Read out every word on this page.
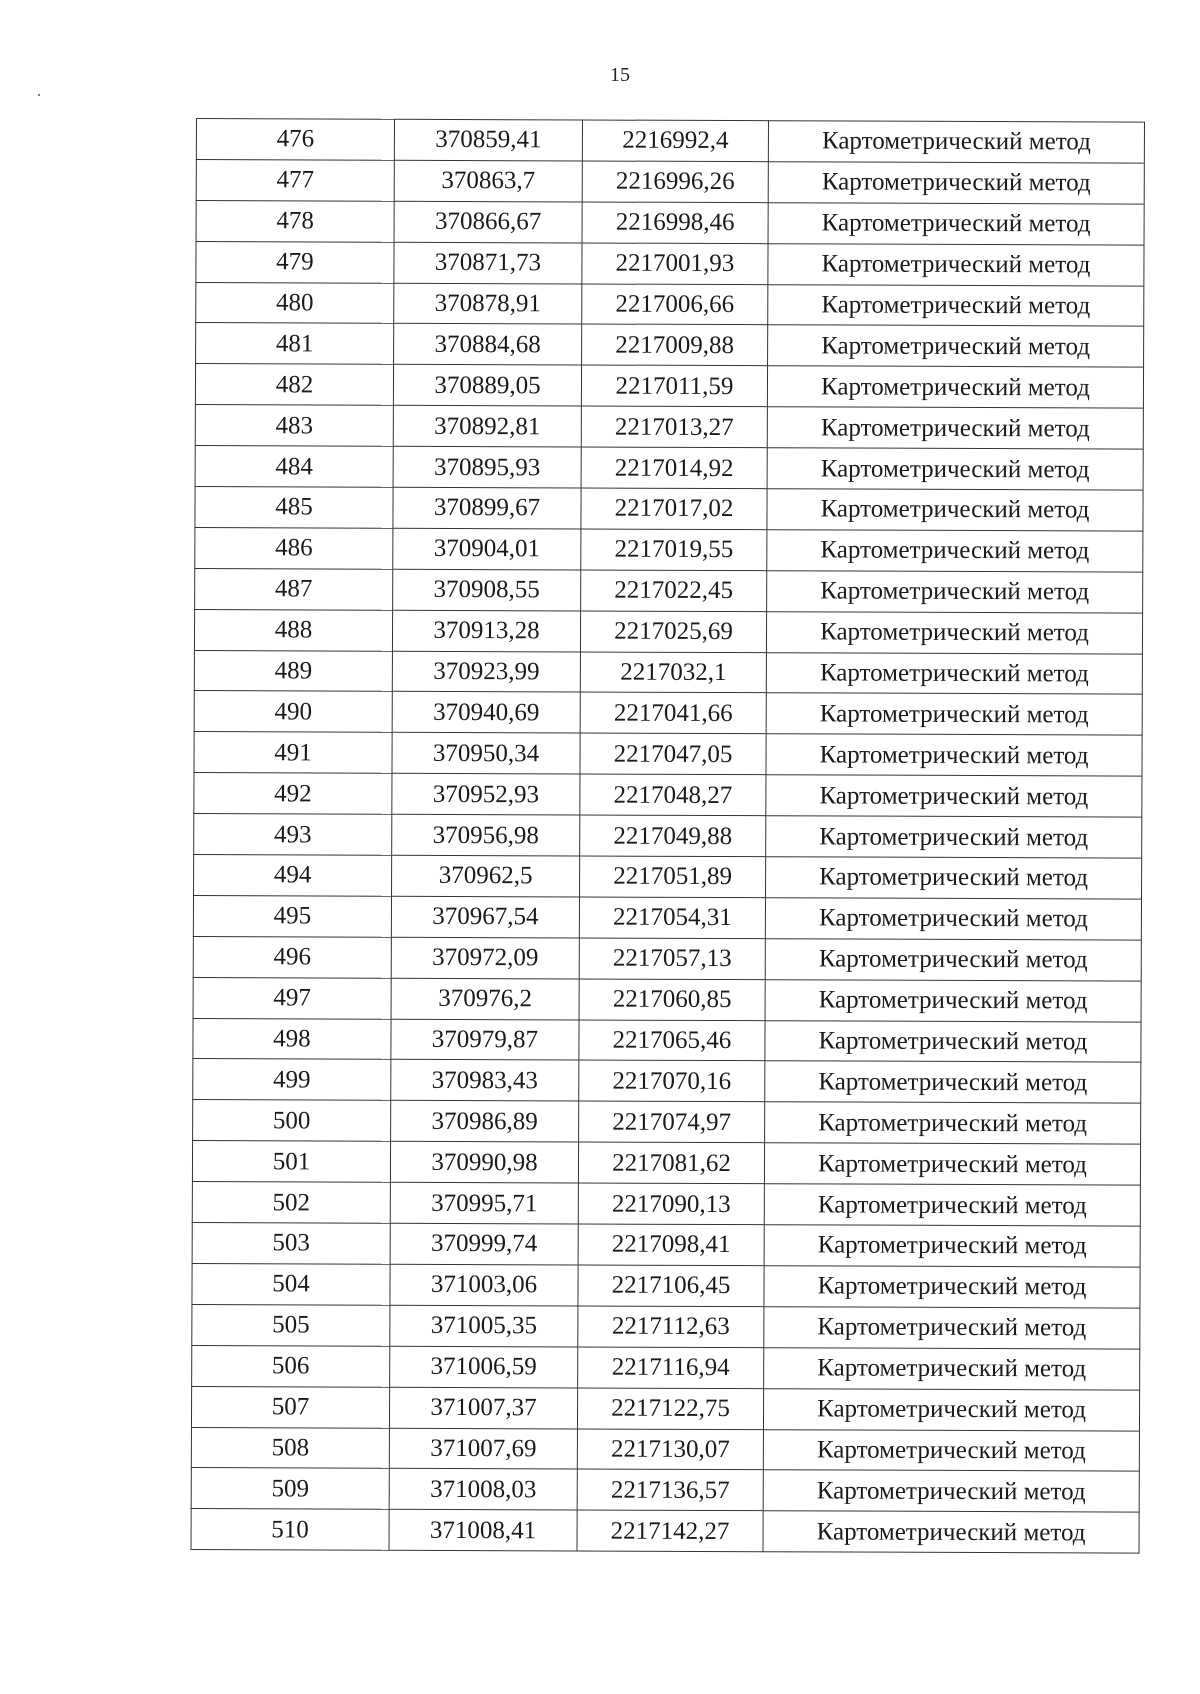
15
476	370859,41	2216992,4	Картометрический метод
477	370863,7	2216996,26	Картометрический метод
478	370866,67	2216998,46	Картометрический метод
479	370871,73	2217001,93	Картометрический метод
480	370878,91	2217006,66	Картометрический метод
481	370884,68	2217009,88	Картометрический метод
482	370889,05	2217011,59	Картометрический метод
483	370892,81	2217013,27	Картометрический метод
484	370895,93	2217014,92	Картометрический метод
485	370899,67	2217017,02	Картометрический метод
486	370904,01	2217019,55	Картометрический метод
487	370908,55	2217022,45	Картометрический метод
488	370913,28	2217025,69	Картометрический метод
489	370923,99	2217032,1	Картометрический метод
490	370940,69	2217041,66	Картометрический метод
491	370950,34	2217047,05	Картометрический метод
492	370952,93	2217048,27	Картометрический метод
493	370956,98	2217049,88	Картометрический метод
494	370962,5	2217051,89	Картометрический метод
495	370967,54	2217054,31	Картометрический метод
496	370972,09	2217057,13	Картометрический метод
497	370976,2	2217060,85	Картометрический метод
498	370979,87	2217065,46	Картометрический метод
499	370983,43	2217070,16	Картометрический метод
500	370986,89	2217074,97	Картометрический метод
501	370990,98	2217081,62	Картометрический метод
502	370995,71	2217090,13	Картометрический метод
503	370999,74	2217098,41	Картометрический метод
504	371003,06	2217106,45	Картометрический метод
505	371005,35	2217112,63	Картометрический метод
506	371006,59	2217116,94	Картометрический метод
507	371007,37	2217122,75	Картометрический метод
508	371007,69	2217130,07	Картометрический метод
509	371008,03	2217136,57	Картометрический метод
510	371008,41	2217142,27	Картометрический метод
